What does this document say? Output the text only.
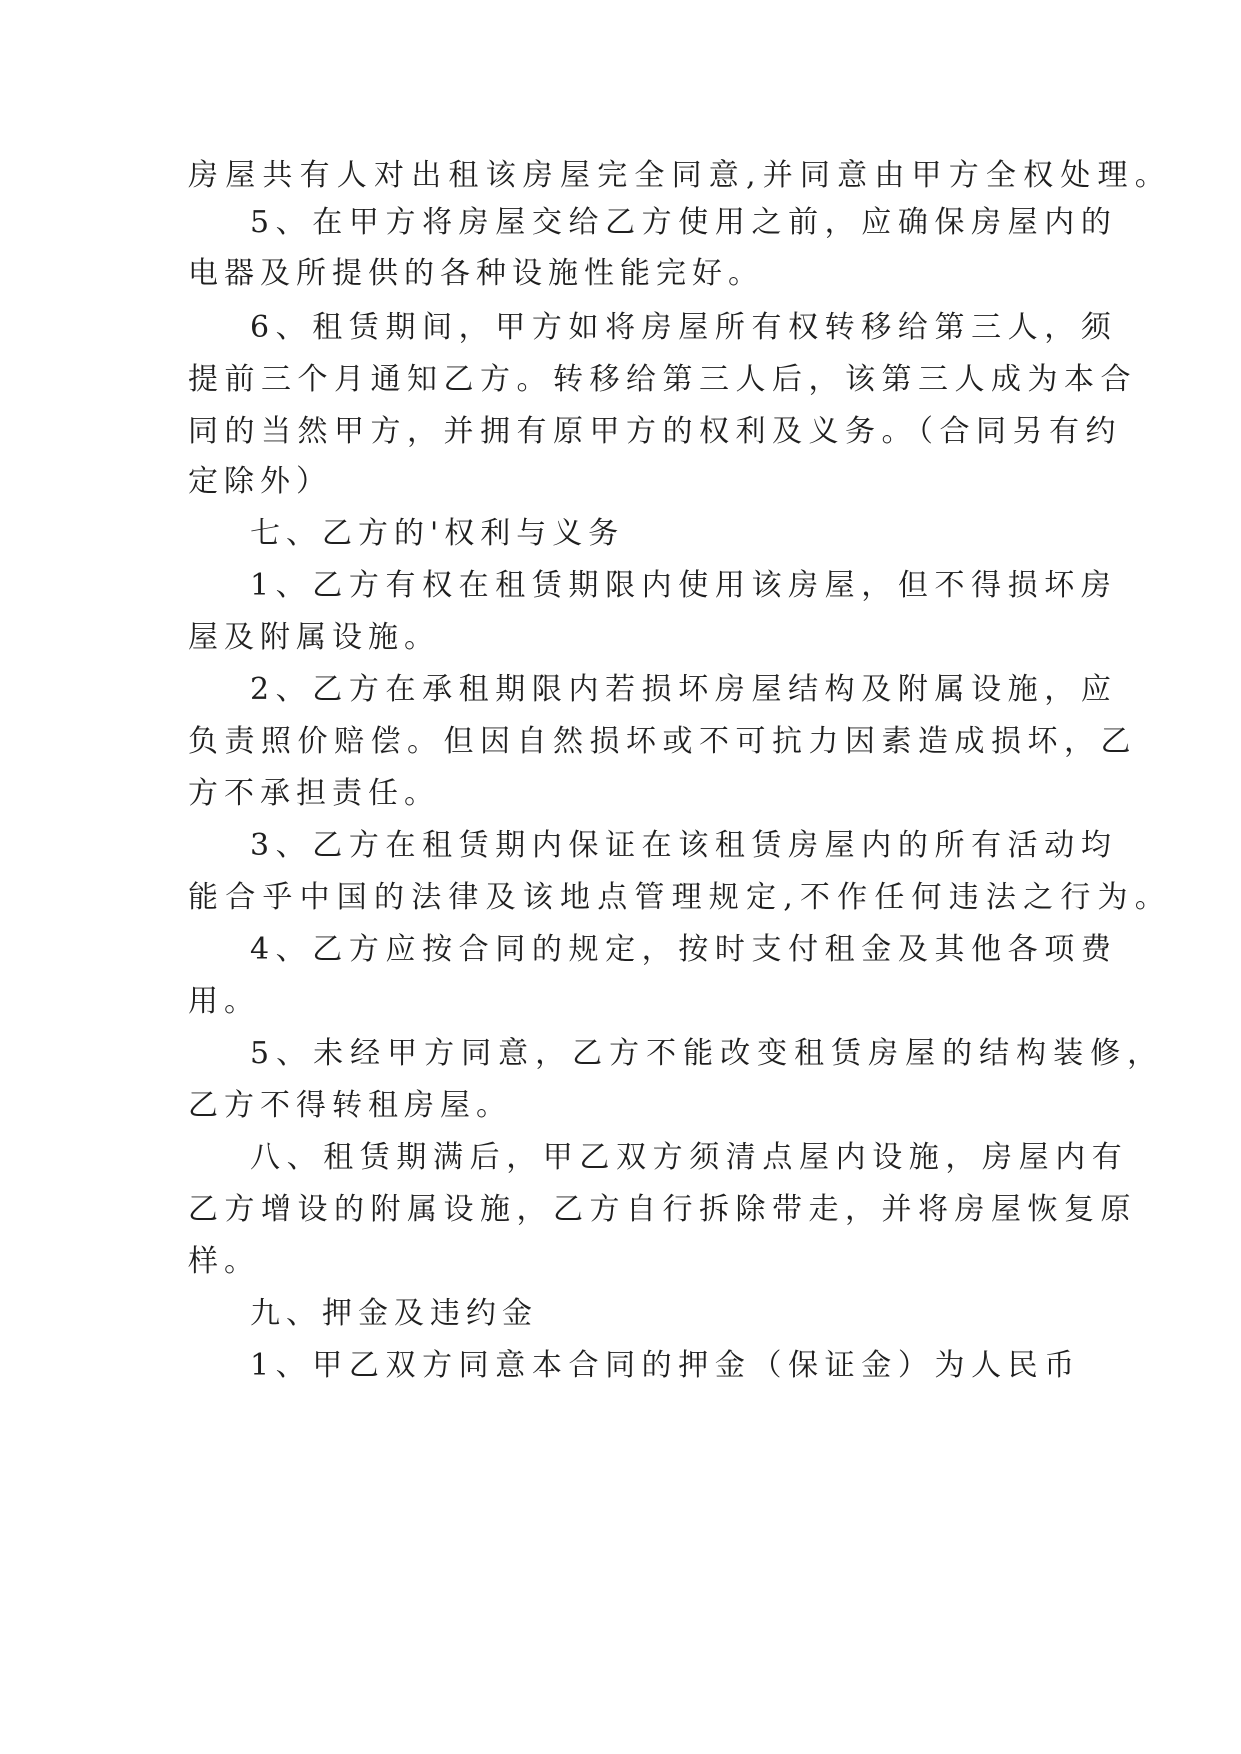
房屋共有人对出租该房屋完全同意,并同意由甲方全权处理。
5、在甲方将房屋交给乙方使用之前，应确保房屋内的
电器及所提供的各种设施性能完好。
6、租赁期间，甲方如将房屋所有权转移给第三人，须
提前三个月通知乙方。转移给第三人后，该第三人成为本合
同的当然甲方，并拥有原甲方的权利及义务。（合同另有约
定除外）
七、乙方的'权利与义务
1、乙方有权在租赁期限内使用该房屋，但不得损坏房
屋及附属设施。
2、乙方在承租期限内若损坏房屋结构及附属设施，应
负责照价赔偿。但因自然损坏或不可抗力因素造成损坏，乙
方不承担责任。
3、乙方在租赁期内保证在该租赁房屋内的所有活动均
能合乎中国的法律及该地点管理规定,不作任何违法之行为。
4、乙方应按合同的规定，按时支付租金及其他各项费
用。
5、未经甲方同意，乙方不能改变租赁房屋的结构装修，
乙方不得转租房屋。
八、租赁期满后，甲乙双方须清点屋内设施，房屋内有
乙方增设的附属设施，乙方自行拆除带走，并将房屋恢复原
样。
九、押金及违约金
1、甲乙双方同意本合同的押金（保证金）为人民币
